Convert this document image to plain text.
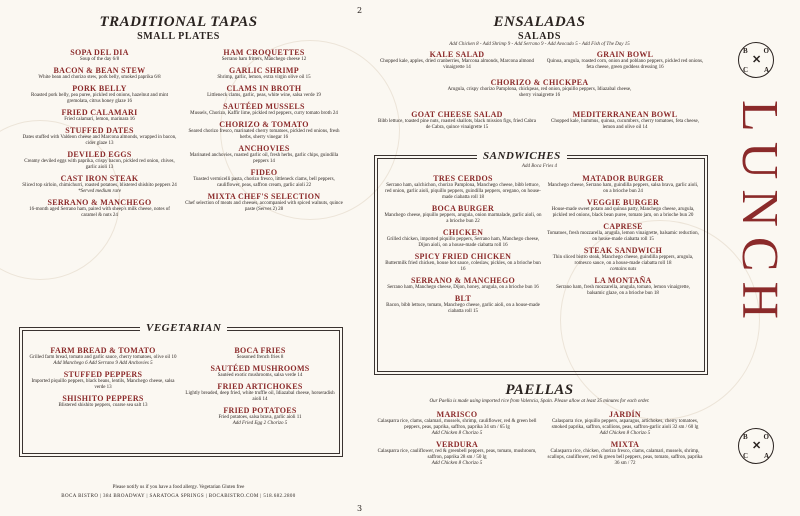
TRADITIONAL TAPAS
SMALL PLATES
SOPA DEL DIA
Soup of the day 6/8
BACON & BEAN STEW
White bean and chorizo stew, pork belly, smoked paprika 6/8
PORK BELLY
Roasted pork belly, pea puree, pickled red onions, hazelnut and mint gremolata, citrus honey glaze 16
FRIED CALAMARI
Fried calamari, lemon, marinara 16
STUFFED DATES
Dates stuffed with Valdeon cheese and Marcona almonds, wrapped in bacon, cider glaze 13
DEVILED EGGS
Creamy deviled eggs with paprika, crispy bacon, pickled red onion, chives, garlic aioli 13
CAST IRON STEAK
Sliced top sirloin, chimichurri, roasted potatoes, blistered shishito peppers 24
*Served medium rare
SERRANO & MANCHEGO
16-month aged Serrano ham, paired with sheep's milk cheese, notes of caramel & nuts 24
HAM CROQUETTES
Serrano ham fritters, Manchego cheese 12
GARLIC SHRIMP
Shrimp, garlic, lemon, extra virgin olive oil 15
CLAMS IN BROTH
Littleneck clams, garlic, peas, white wine, salsa verde 19
SAUTÉED MUSSELS
Mussels, Chorizo, Kaffir lime, pickled red peppers, curry tomato broth 24
CHORIZO & TOMATO
Seared chorizo fresco, marinated cherry tomatoes, pickled red onions, fresh herbs, sherry vinegar 16
ANCHOVIES
Marinated anchovies, roasted garlic oil, fresh herbs, garlic chips, guindilla peppers 14
FIDEO
Toasted vermicelli pasta, chorizo fresco, littleneck clams, bell peppers, cauliflower, peas, saffron cream, garlic aioli 22
MIXTA CHEF'S SELECTION
Chef selection of meats and cheeses, accompanied with spiced walnuts, quince paste (Serves 2) 28
VEGETARIAN
FARM BREAD & TOMATO
Grilled farm bread, tomato and garlic sauce, cherry tomatoes, olive oil 10
Add Manchego 6 Add Serrano 9 Add Anchovies 5
STUFFED PEPPERS
Imported piquillo peppers, black beans, lentils, Manchego cheese, salsa verde 13
SHISHITO PEPPERS
Blistered shishito peppers, coarse sea salt 13
BOCA FRIES
Seasoned french fries 8
SAUTÉED MUSHROOMS
Sautéed exotic mushrooms, salsa verde 14
FRIED ARTICHOKES
Lightly breaded, deep fried, white truffle oil, Idiazabal cheese, horseradish aioli 14
FRIED POTATOES
Fried potatoes, salsa brava, garlic aioli 11
Add Fried Egg 2 Chorizo 5
Please notify us if you have a food allergy. Vegetarian Gluten free
BOCA BISTRO | 384 BROADWAY | SARATOGA SPRINGS | BOCABISTRO.COM | 518.682.2800
2
3
ENSALADAS
SALADS
Add Chicken 8 - Add Shrimp 9 - Add Serrano 9 - Add Avocado 5 - Add Fish of The Day 15
KALE SALAD
Chopped kale, apples, dried cranberries, Marcona almonds, Marcona almond vinaigrette 14
GRAIN BOWL
Quinoa, arugula, roasted corn, onion and poblano peppers, pickled red onions, feta cheese, green goddess dressing 16
CHORIZO & CHICKPEA
Arugula, crispy chorizo Pamplona, chickpeas, red onion, piquillo peppers, Idiazabal cheese, sherry vinaigrette 16
GOAT CHEESE SALAD
Bibb lettuce, toasted pine nuts, roasted shallots, black mission figs, fried Cabra de Cabra, quince vinaigrette 15
MEDITERRANEAN BOWL
Chopped kale, hummus, quinoa, cucumbers, cherry tomatoes, feta cheese, lemon and olive oil 14
SANDWICHES
Add Boca Fries 4
TRES CERDOS
Serrano ham, salchichon, chorizo Pamplona, Manchego cheese, bibb lettuce, red onion, garlic aioli, piquillo peppers, guindilla peppers, oregano, on house-made ciabatta roll 18
BOCA BURGER
Manchego cheese, piquillo peppers, arugula, onion marmalade, garlic aioli, on a brioche bun 22
CHICKEN
Grilled chicken, imported piquillo peppers, Serrano ham, Manchego cheese, Dijon aioli, on a house-made ciabatta roll 16
SPICY FRIED CHICKEN
Buttermilk fried chicken, house hot sauce, coleslaw, pickles, on a brioche bun 16
SERRANO & MANCHEGO
Serrano ham, Manchego cheese, Dijon, honey, arugula, on a brioche bun 16
BLT
Bacon, bibb lettuce, tomato, Manchego cheese, garlic aioli, on a house-made ciabatta roll 15
MATADOR BURGER
Manchego cheese, Serrano ham, guindilla peppers, salsa brava, garlic aioli, on a brioche bun 24
VEGGIE BURGER
House-made sweet potato and quinoa patty, Manchego cheese, arugula, pickled red onions, black bean puree, tomato jam, on a brioche bun 20
CAPRESE
Tomatoes, fresh mozzarella, arugula, lemon vinaigrette, balsamic reduction, on house-made ciabatta roll 15
STEAK SANDWICH
Thin sliced bistro steak, Manchego cheese, guindilla peppers, arugula, romesco sauce, on a house-made ciabatta roll 18
contains nuts
LA MONTAÑA
Serrano ham, fresh mozzarella, arugula, tomato, lemon vinaigrette, balsamic glaze, on a brioche bun 18
PAELLAS
Our Paella is made using imported rice from Valencia, Spain. Please allow at least 35 minutes for each order.
MARISCO
Calasparra rice, clams, calamari, mussels, shrimp, cauliflower, red & green bell peppers, peas, paprika, saffron, paprika 34 sm / 65 lg
Add Chicken 8 Chorizo 5
VERDURA
Calasparra rice, cauliflower, red & greenbell peppers, peas, tomato, mushroom, saffron, paprika 28 sm / 50 lg
Add Chicken 8 Chorizo 5
JARDÍN
Calasparra rice, piquillo peppers, asparagus, artichokes, cherry tomatoes, smoked paprika, saffron, scallions, peas, saffron-garlic aioli 32 sm / 60 lg
Add Chicken 8 Chorizo 5
MIXTA
Calasparra rice, chicken, chorizo fresco, clams, calamari, mussels, shrimp, scallops, cauliflower, red & green bell peppers, peas, tomato, saffron, paprika 36 sm / 72
B O
C A
✕
LUNCH
B O
C A
✕
